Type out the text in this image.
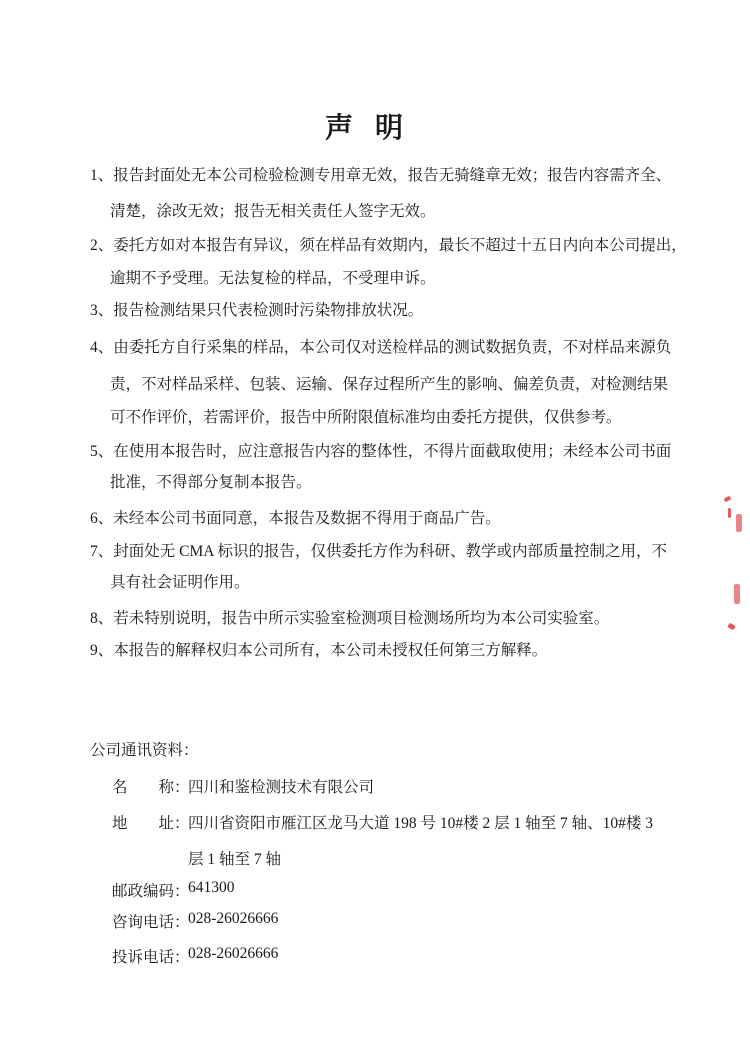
声明
1、报告封面处无本公司检验检测专用章无效，报告无骑缝章无效；报告内容需齐全、
清楚，涂改无效；报告无相关责任人签字无效。
2、委托方如对本报告有异议，须在样品有效期内，最长不超过十五日内向本公司提出，
逾期不予受理。无法复检的样品，不受理申诉。
3、报告检测结果只代表检测时污染物排放状况。
4、由委托方自行采集的样品，本公司仅对送检样品的测试数据负责，不对样品来源负
责，不对样品采样、包装、运输、保存过程所产生的影响、偏差负责，对检测结果
可不作评价，若需评价，报告中所附限值标准均由委托方提供，仅供参考。
5、在使用本报告时，应注意报告内容的整体性，不得片面截取使用；未经本公司书面
批准，不得部分复制本报告。
6、未经本公司书面同意，本报告及数据不得用于商品广告。
7、封面处无 CMA 标识的报告，仅供委托方作为科研、教学或内部质量控制之用，不
具有社会证明作用。
8、若未特别说明，报告中所示实验室检测项目检测场所均为本公司实验室。
9、本报告的解释权归本公司所有，本公司未授权任何第三方解释。
公司通讯资料：
名　　称：
四川和鉴检测技术有限公司
地　　址：
四川省资阳市雁江区龙马大道 198 号 10#楼 2 层 1 轴至 7 轴、10#楼 3
层 1 轴至 7 轴
邮政编码：
641300
咨询电话：
028-26026666
投诉电话：
028-26026666
